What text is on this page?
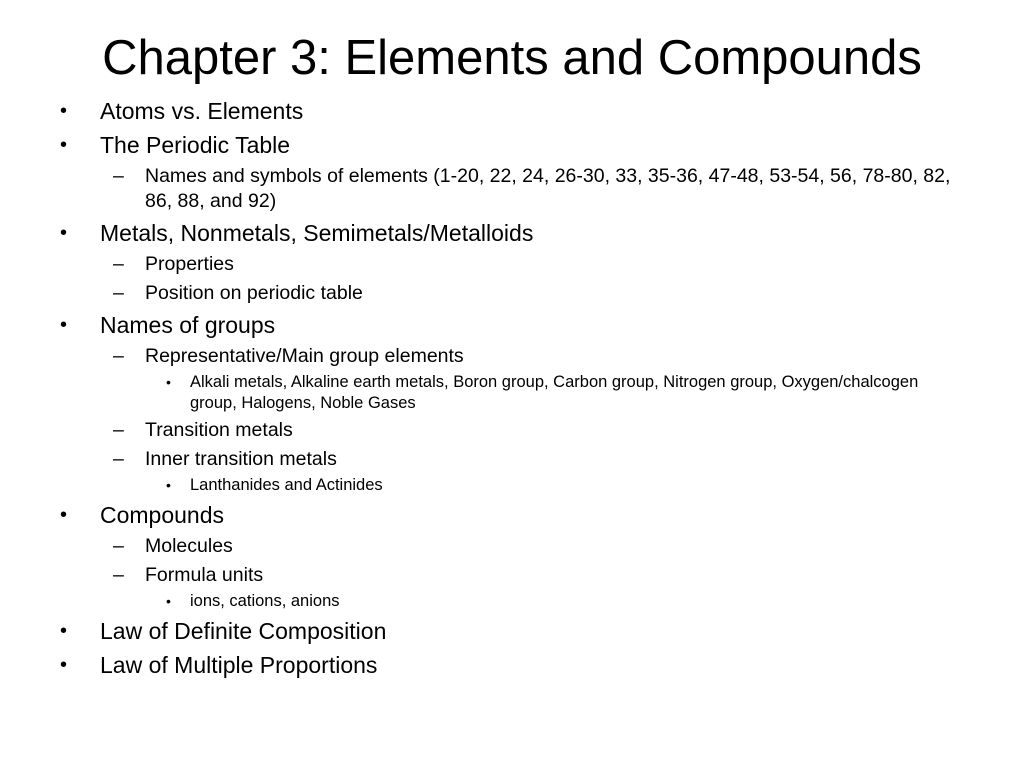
Chapter 3: Elements and Compounds
• Atoms vs. Elements
• The Periodic Table
– Names and symbols of elements (1-20, 22, 24, 26-30, 33, 35-36, 47-48, 53-54, 56, 78-80, 82, 86, 88, and 92)
• Metals, Nonmetals, Semimetals/Metalloids
– Properties
– Position on periodic table
• Names of groups
– Representative/Main group elements
• Alkali metals, Alkaline earth metals, Boron group, Carbon group, Nitrogen group, Oxygen/chalcogen group, Halogens, Noble Gases
– Transition metals
– Inner transition metals
• Lanthanides and Actinides
• Compounds
– Molecules
– Formula units
• ions, cations, anions
• Law of Definite Composition
• Law of Multiple Proportions
